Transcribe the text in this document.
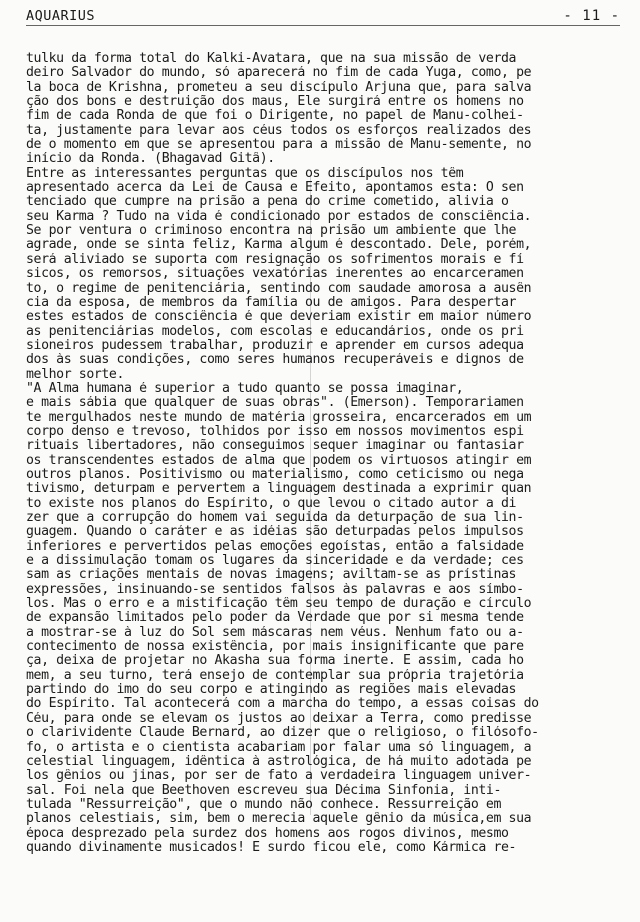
AQUARIUS	- 11 -
tulku da forma total do Kalki-Avatara, que na sua missão de verda
deiro Salvador do mundo, só aparecerá no fim de cada Yuga, como, pe
la boca de Krishna, prometeu a seu discípulo Arjuna que, para salva
ção dos bons e destruição dos maus, Ele surgirá entre os homens no
fim de cada Ronda de que foi o Dirigente, no papel de Manu-colhei-
ta, justamente para levar aos céus todos os esforços realizados des
de o momento em que se apresentou para a missão de Manu-semente, no
início da Ronda. (Bhagavad Gitâ).
Entre as interessantes perguntas que os discípulos nos têm
apresentado acerca da Lei de Causa e Efeito, apontamos esta: O sen
tenciado que cumpre na prisão a pena do crime cometido, alivia o
seu Karma ? Tudo na vida é condicionado por estados de consciência.
Se por ventura o criminoso encontra na prisão um ambiente que lhe
agrade, onde se sinta feliz, Karma algum é descontado. Dele, porém,
será aliviado se suporta com resignação os sofrimentos morais e fí
sicos, os remorsos, situações vexatórias inerentes ao encarceramen
to, o regime de penitenciária, sentindo com saudade amorosa a ausên
cia da esposa, de membros da família ou de amigos. Para despertar
estes estados de consciência é que deveriam existir em maior número
as penitenciárias modelos, com escolas e educandários, onde os pri
sioneiros pudessem trabalhar, produzir e aprender em cursos adequa
dos às suas condições, como seres humanos recuperáveis e dignos de
melhor sorte.
"A Alma humana é superior a tudo quanto se possa imaginar,
e mais sábia que qualquer de suas obras". (Emerson). Temporariamen
te mergulhados neste mundo de matéria grosseira, encarcerados em um
corpo denso e trevoso, tolhidos por isso em nossos movimentos espi
rituais libertadores, não conseguimos sequer imaginar ou fantasiar
os transcendentes estados de alma que podem os virtuosos atingir em
outros planos. Positivismo ou materialismo, como ceticismo ou nega
tivismo, deturpam e pervertem a linguagem destinada a exprimir quan
to existe nos planos do Espírito, o que levou o citado autor a di
zer que a corrupção do homem vai seguida da deturpação de sua lin-
guagem. Quando o caráter e as idéias são deturpadas pelos impulsos
inferiores e pervertidos pelas emoções egoístas, então a falsidade
e a dissimulação tomam os lugares da sinceridade e da verdade; ces
sam as criações mentais de novas imagens; aviltam-se as prístinas
expressões, insinuando-se sentidos falsos às palavras e aos símbo-
los. Mas o erro e a mistificação têm seu tempo de duração e círculo
de expansão limitados pelo poder da Verdade que por si mesma tende
a mostrar-se à luz do Sol sem máscaras nem véus. Nenhum fato ou a-
contecimento de nossa existência, por mais insignificante que pare
ça, deixa de projetar no Akasha sua forma inerte. E assim, cada ho
mem, a seu turno, terá ensejo de contemplar sua própria trajetória
partindo do imo do seu corpo e atingindo as regiões mais elevadas
do Espírito. Tal acontecerá com a marcha do tempo, a essas coisas do
Céu, para onde se elevam os justos ao deixar a Terra, como predisse
o clarividente Claude Bernard, ao dizer que o religioso, o filósofo-
fo, o artista e o cientista acabariam por falar uma só linguagem, a
celestial linguagem, idêntica à astrológica, de há muito adotada pe
los gênios ou jinas, por ser de fato a verdadeira linguagem univer-
sal. Foi nela que Beethoven escreveu sua Décima Sinfonia, inti-
tulada "Ressurreição", que o mundo não conhece. Ressurreição em
planos celestiais, sim, bem o merecia aquele gênio da música,em sua
época desprezado pela surdez dos homens aos rogos divinos, mesmo
quando divinamente musicados! E surdo ficou ele, como Kármica re-
